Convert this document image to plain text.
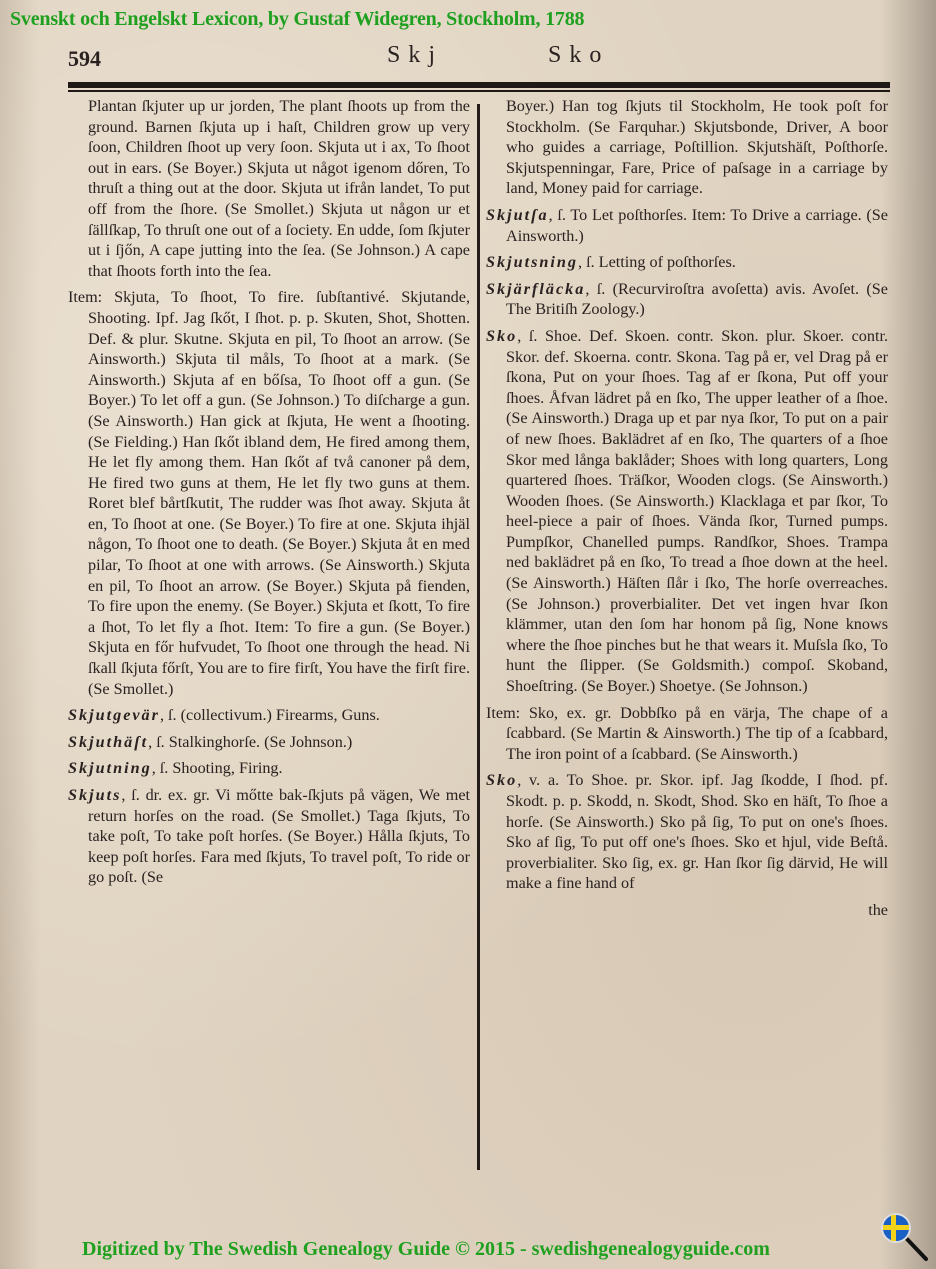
Svenskt och Engelskt Lexicon, by Gustaf Widegren, Stockholm, 1788
594	Skj	Sko

Plantan ſkjuter up ur jorden, The plant ſhoots up from the ground. Barnen ſkjuta up i haſt, Children grow up very ſoon, Children ſhoot up very ſoon. Skjuta ut i ax, To ſhoot out in ears. (Se Boyer.) Skjuta ut något igenom dőren, To thruſt a thing out at the door. Skjuta ut ifrån landet, To put off from the ſhore. (Se Smollet.) Skjuta ut någon ur et ſällſkap, To thruſt one out of a ſociety. En udde, ſom ſkjuter ut i ſjőn, A cape jutting into the ſea. (Se Johnson.) A cape that ſhoots forth into the ſea.

Item: Skjuta, To ſhoot, To fire. ſubſtantivé. Skjutande, Shooting. Ipf. Jag ſkőt, I ſhot. p. p. Skuten, Shot, Shotten. Def. & plur. Skutne. Skjuta en pil, To ſhoot an arrow. (Se Ainsworth.) Skjuta til måls, To ſhoot at a mark. (Se Ainsworth.) Skjuta af en bőſsa, To ſhoot off a gun. (Se Boyer.) To let off a gun. (Se Johnson.) To diſcharge a gun. (Se Ainsworth.) Han gick at ſkjuta, He went a ſhooting. (Se Fielding.) Han ſkőt ibland dem, He fired among them, He let fly among them. Han ſkőt af två canoner på dem, He fired two guns at them, He let fly two guns at them. Roret blef bårtſkutit, The rudder was ſhot away. Skjuta åt en, To ſhoot at one. (Se Boyer.) To fire at one. Skjuta ihjäl någon, To ſhoot one to death. (Se Boyer.) Skjuta åt en med pilar, To ſhoot at one with arrows. (Se Ainsworth.) Skjuta en pil, To ſhoot an arrow. (Se Boyer.) Skjuta på fienden, To fire upon the enemy. (Se Boyer.) Skjuta et ſkott, To fire a ſhot, To let fly a ſhot. Item: To fire a gun. (Se Boyer.) Skjuta en főr hufvudet, To ſhoot one through the head. Ni ſkall ſkjuta főrſt, You are to fire firſt, You have the firſt fire. (Se Smollet.)

Skjutgevär, ſ. (collectivum.) Firearms, Guns.

Skjuthäſt, ſ. Stalkinghorſe. (Se Johnson.)

Skjutning, ſ. Shooting, Firing.

Skjuts, ſ. dr. ex. gr. Vi mőtte bak-ſkjuts på vägen, We met return horſes on the road. (Se Smollet.) Taga ſkjuts, To take poſt, To take poſt horſes. (Se Boyer.) Hålla ſkjuts, To keep poſt horſes. Fara med ſkjuts, To travel poſt, To ride or go poſt. (Se

Boyer.) Han tog ſkjuts til Stockholm, He took poſt for Stockholm. (Se Farquhar.) Skjutsbonde, Driver, A boor who guides a carriage, Poſtillion. Skjutshäſt, Poſthorſe. Skjutspenningar, Fare, Price of paſsage in a carriage by land, Money paid for carriage.

Skjutſa, ſ. To Let poſthorſes. Item: To Drive a carriage. (Se Ainsworth.)

Skjutsning, ſ. Letting of poſthorſes.

Skjärfläcka, ſ. (Recurviroſtra avoſetta) avis. Avoſet. (Se The Britiſh Zoology.)

Sko, ſ. Shoe. Def. Skoen. contr. Skon. plur. Skoer. contr. Skor. def. Skoerna. contr. Skona. Tag på er, vel Drag på er ſkona, Put on your ſhoes. Tag af er ſkona, Put off your ſhoes. Åfvan lädret på en ſko, The upper leather of a ſhoe. (Se Ainsworth.) Draga up et par nya ſkor, To put on a pair of new ſhoes. Baklädret af en ſko, The quarters of a ſhoe Skor med långa baklåder; Shoes with long quarters, Long quartered ſhoes. Träſkor, Wooden clogs. (Se Ainsworth.) Wooden ſhoes. (Se Ainsworth.) Klacklaga et par ſkor, To heel-piece a pair of ſhoes. Vända ſkor, Turned pumps. Pumpſkor, Chanelled pumps. Randſkor, Shoes. Trampa ned baklädret på en ſko, To tread a ſhoe down at the heel. (Se Ainsworth.) Häſten ſlår i ſko, The horſe overreaches. (Se Johnson.) proverbialiter. Det vet ingen hvar ſkon klämmer, utan den ſom har honom på ſig, None knows where the ſhoe pinches but he that wears it. Muſsla ſko, To hunt the ſlipper. (Se Goldsmith.) compoſ. Skoband, Shoeſtring. (Se Boyer.) Shoetye. (Se Johnson.)

Item: Sko, ex. gr. Dobbſko på en värja, The chape of a ſcabbard. (Se Martin & Ainsworth.) The tip of a ſcabbard, The iron point of a ſcabbard. (Se Ainsworth.)

Sko, v. a. To Shoe. pr. Skor. ipf. Jag ſkodde, I ſhod. pf. Skodt. p. p. Skodd, n. Skodt, Shod. Sko en häſt, To ſhoe a horſe. (Se Ainsworth.) Sko på ſig, To put on one's ſhoes. Sko af ſig, To put off one's ſhoes. Sko et hjul, vide Beſtå. proverbialiter. Sko ſig, ex. gr. Han ſkor ſig därvid, He will make a fine hand of

the

Digitized by The Swedish Genealogy Guide © 2015 - swedishgenealogyguide.com
